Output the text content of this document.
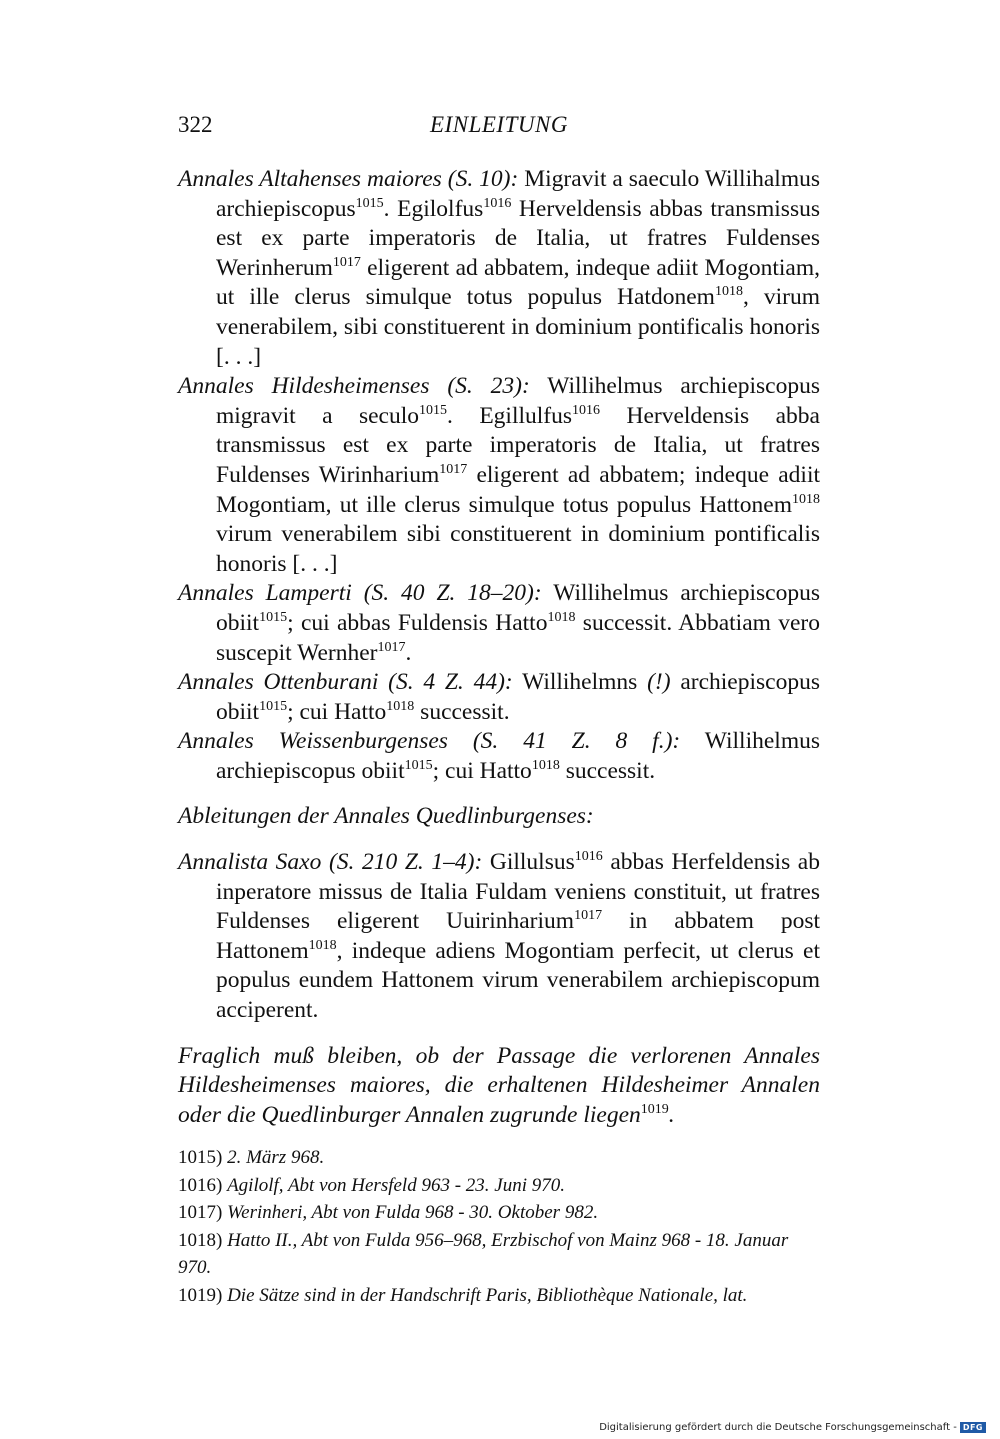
322	EINLEITUNG

Annales Altahenses maiores (S. 10): Migravit a saeculo Willihalmus archiepiscopus$^{1015}$. Egilolfus$^{1016}$ Herveldensis abbas transmissus est ex parte imperatoris de Italia, ut fratres Fuldenses Werinherum$^{1017}$ eligerent ad abbatem, indeque adiit Mogontiam, ut ille clerus simulque totus populus Hatdonem$^{1018}$, virum venerabilem, sibi constituerent in dominium pontificalis honoris [. . .]

Annales Hildesheimenses (S. 23): Willihelmus archiepiscopus migravit a seculo$^{1015}$. Egillulfus$^{1016}$ Herveldensis abba transmissus est ex parte imperatoris de Italia, ut fratres Fuldenses Wirinharium$^{1017}$ eligerent ad abbatem; indeque adiit Mogontiam, ut ille clerus simulque totus populus Hattonem$^{1018}$ virum venerabilem sibi constituerent in dominium pontificalis honoris [. . .]

Annales Lamperti (S. 40 Z. 18–20): Willihelmus archiepiscopus obiit$^{1015}$; cui abbas Fuldensis Hatto$^{1018}$ successit. Abbatiam vero suscepit Wernher$^{1017}$.

Annales Ottenburani (S. 4 Z. 44): Willihelmns (!) archiepiscopus obiit$^{1015}$; cui Hatto$^{1018}$ successit.

Annales Weissenburgenses (S. 41 Z. 8 f.): Willihelmus archiepiscopus obiit$^{1015}$; cui Hatto$^{1018}$ successit.

Ableitungen der Annales Quedlinburgenses:

Annalista Saxo (S. 210 Z. 1–4): Gillulsus$^{1016}$ abbas Herfeldensis ab inperatore missus de Italia Fuldam veniens constituit, ut fratres Fuldenses eligerent Uuirinharium$^{1017}$ in abbatem post Hattonem$^{1018}$, indeque adiens Mogontiam perfecit, ut clerus et populus eundem Hattonem virum venerabilem archiepiscopum acciperent.

Fraglich muß bleiben, ob der Passage die verlorenen Annales Hildesheimenses maiores, die erhaltenen Hildesheimer Annalen oder die Quedlinburger Annalen zugrunde liegen$^{1019}$.

1015) 2. März 968.

1016) Agilolf, Abt von Hersfeld 963 - 23. Juni 970.

1017) Werinheri, Abt von Fulda 968 - 30. Oktober 982.

1018) Hatto II., Abt von Fulda 956–968, Erzbischof von Mainz 968 - 18. Januar 970.

1019) Die Sätze sind in der Handschrift Paris, Bibliothèque Nationale, lat.

Digitalisierung gefördert durch die Deutsche Forschungsgemeinschaft - DFG
